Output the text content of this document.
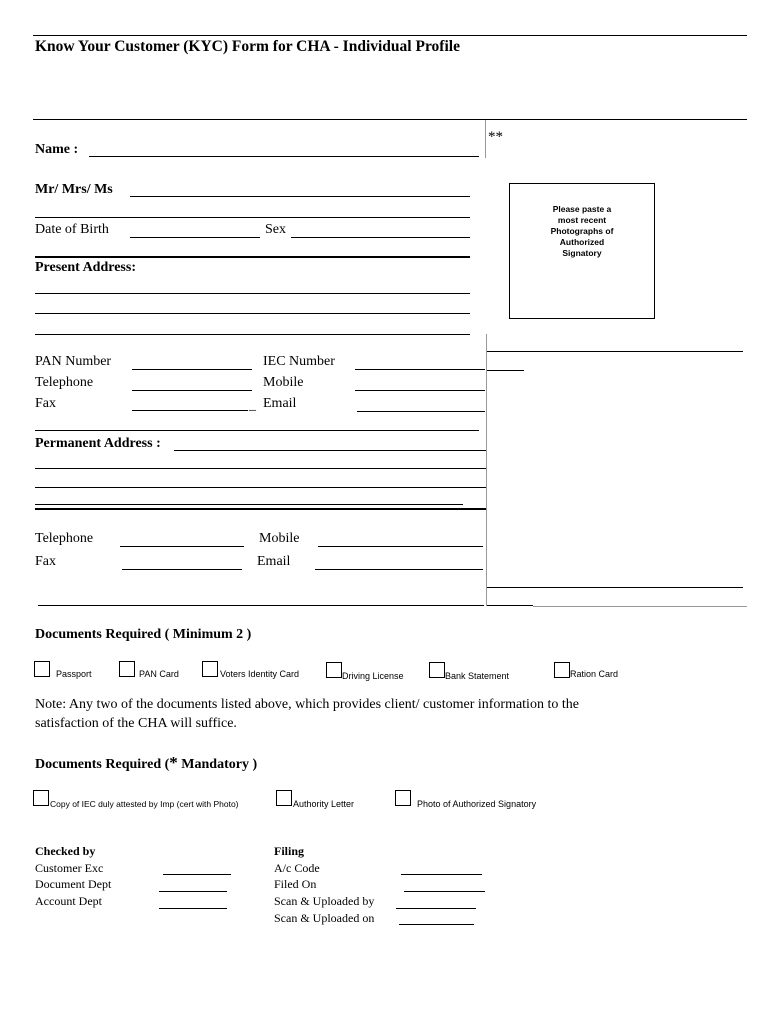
Know Your Customer (KYC) Form for CHA - Individual Profile
**
Name :
Mr/ Mrs/ Ms
Date of Birth	Sex
Present Address:
Please paste a
most recent
Photographs of
Authorized
Signatory
PAN Number	IEC Number
Telephone	Mobile
Fax	_ Email
Permanent Address :
Telephone	Mobile
Fax	Email
Documents Required ( Minimum 2 )
Passport	PAN Card	Voters Identity Card	Driving License	Bank Statement	Ration Card
Note: Any two of the documents listed above, which provides client/ customer information to the
satisfaction of the CHA will suffice.
Documents Required (* Mandatory )
Copy of IEC duly attested by Imp (cert with Photo)	Authority Letter	Photo of Authorized Signatory
Checked by
Customer Exc
Document Dept
Account Dept
Filing
A/c Code
Filed On
Scan & Uploaded by
Scan & Uploaded on
